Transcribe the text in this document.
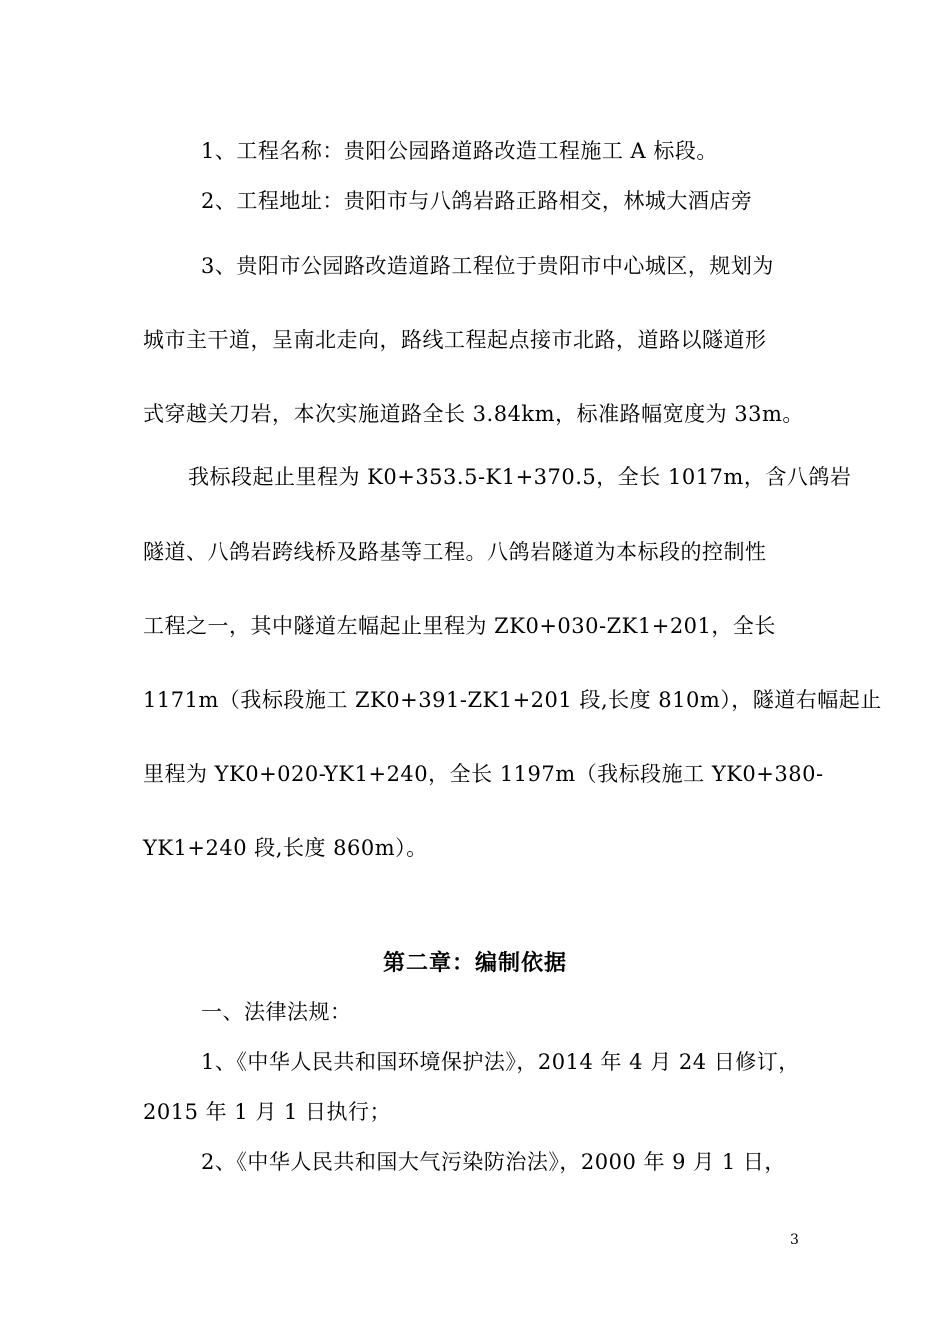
1、工程名称：贵阳公园路道路改造工程施工 A 标段。
2、工程地址：贵阳市与八鸽岩路正路相交，林城大酒店旁
3、贵阳市公园路改造道路工程位于贵阳市中心城区，规划为
城市主干道，呈南北走向，路线工程起点接市北路，道路以隧道形
式穿越关刀岩，本次实施道路全长 3.84km，标准路幅宽度为 33m。
我标段起止里程为 K0+353.5-K1+370.5，全长 1017m，含八鸽岩
隧道、八鸽岩跨线桥及路基等工程。八鸽岩隧道为本标段的控制性
工程之一，其中隧道左幅起止里程为 ZK0+030-ZK1+201，全长
1171m（我标段施工 ZK0+391-ZK1+201 段,长度 810m），隧道右幅起止
里程为 YK0+020-YK1+240，全长 1197m（我标段施工 YK0+380-
YK1+240 段,长度 860m）。
第二章：编制依据
一、法律法规：
1、《中华人民共和国环境保护法》，2014 年 4 月 24 日修订，
2015 年 1 月 1 日执行；
2、《中华人民共和国大气污染防治法》，2000 年 9 月 1 日，
3
